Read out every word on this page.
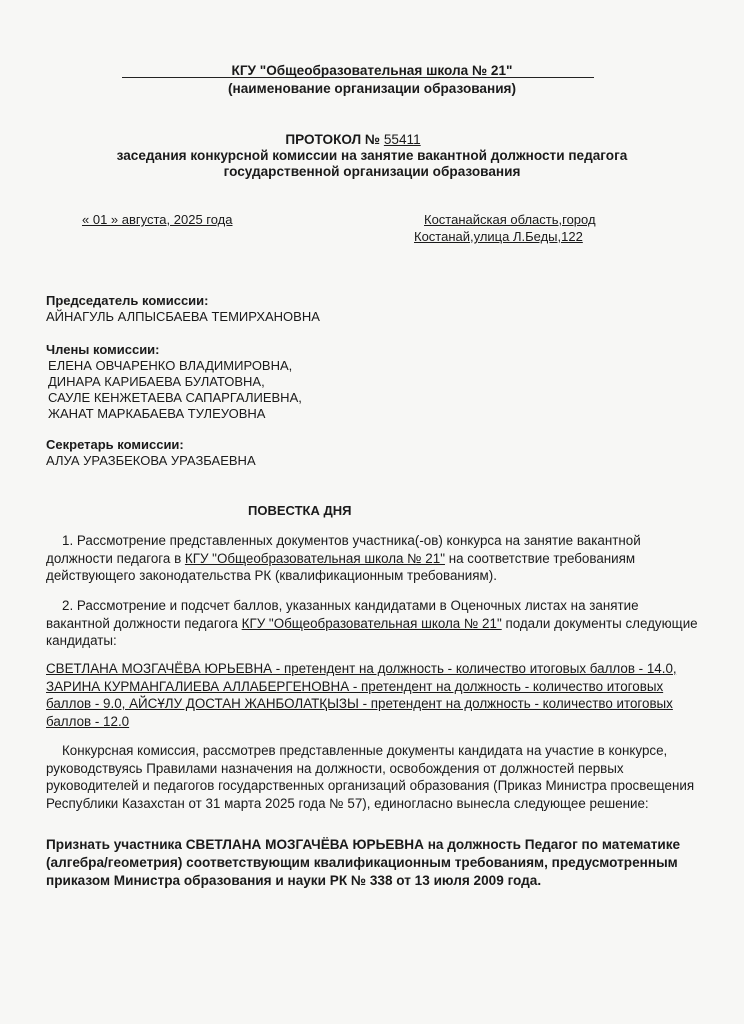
КГУ "Общеобразовательная школа № 21"
(наименование организации образования)
ПРОТОКОЛ № 55411
заседания конкурсной комиссии на занятие вакантной должности педагога
государственной организации образования
« 01 » августа, 2025 года	Костанайская область,город
Костанай,улица Л.Беды,122
Председатель комиссии:
АЙНАГУЛЬ АЛПЫСБАЕВА ТЕМИРХАНОВНА
Члены комиссии:
ЕЛЕНА ОВЧАРЕНКО ВЛАДИМИРОВНА,
ДИНАРА КАРИБАЕВА БУЛАТОВНА,
САУЛЕ КЕНЖЕТАЕВА САПАРГАЛИЕВНА,
ЖАНАТ МАРКАБАЕВА ТУЛЕУОВНА
Секретарь комиссии:
АЛУА УРАЗБЕКОВА УРАЗБАЕВНА
ПОВЕСТКА ДНЯ
1. Рассмотрение представленных документов участника(-ов) конкурса на занятие вакантной должности педагога в КГУ "Общеобразовательная школа № 21" на соответствие требованиям действующего законодательства РК (квалификационным требованиям).
2. Рассмотрение и подсчет баллов, указанных кандидатами в Оценочных листах на занятие вакантной должности педагога КГУ "Общеобразовательная школа № 21" подали документы следующие кандидаты:
СВЕТЛАНА МОЗГАЧЁВА ЮРЬЕВНА - претендент на должность - количество итоговых баллов - 14.0, ЗАРИНА КУРМАНГАЛИЕВА АЛЛАБЕРГЕНОВНА - претендент на должность - количество итоговых баллов - 9.0, АЙСҰЛУ ДОСТАН ЖАНБОЛАТҚЫЗЫ - претендент на должность - количество итоговых баллов - 12.0
Конкурсная комиссия, рассмотрев представленные документы кандидата на участие в конкурсе, руководствуясь Правилами назначения на должности, освобождения от должностей первых руководителей и педагогов государственных организаций образования (Приказ Министра просвещения Республики Казахстан от 31 марта 2025 года № 57), единогласно вынесла следующее решение:
Признать участника СВЕТЛАНА МОЗГАЧЁВА ЮРЬЕВНА на должность Педагог по математике (алгебра/геометрия) соответствующим квалификационным требованиям, предусмотренным приказом Министра образования и науки РК № 338 от 13 июля 2009 года.
